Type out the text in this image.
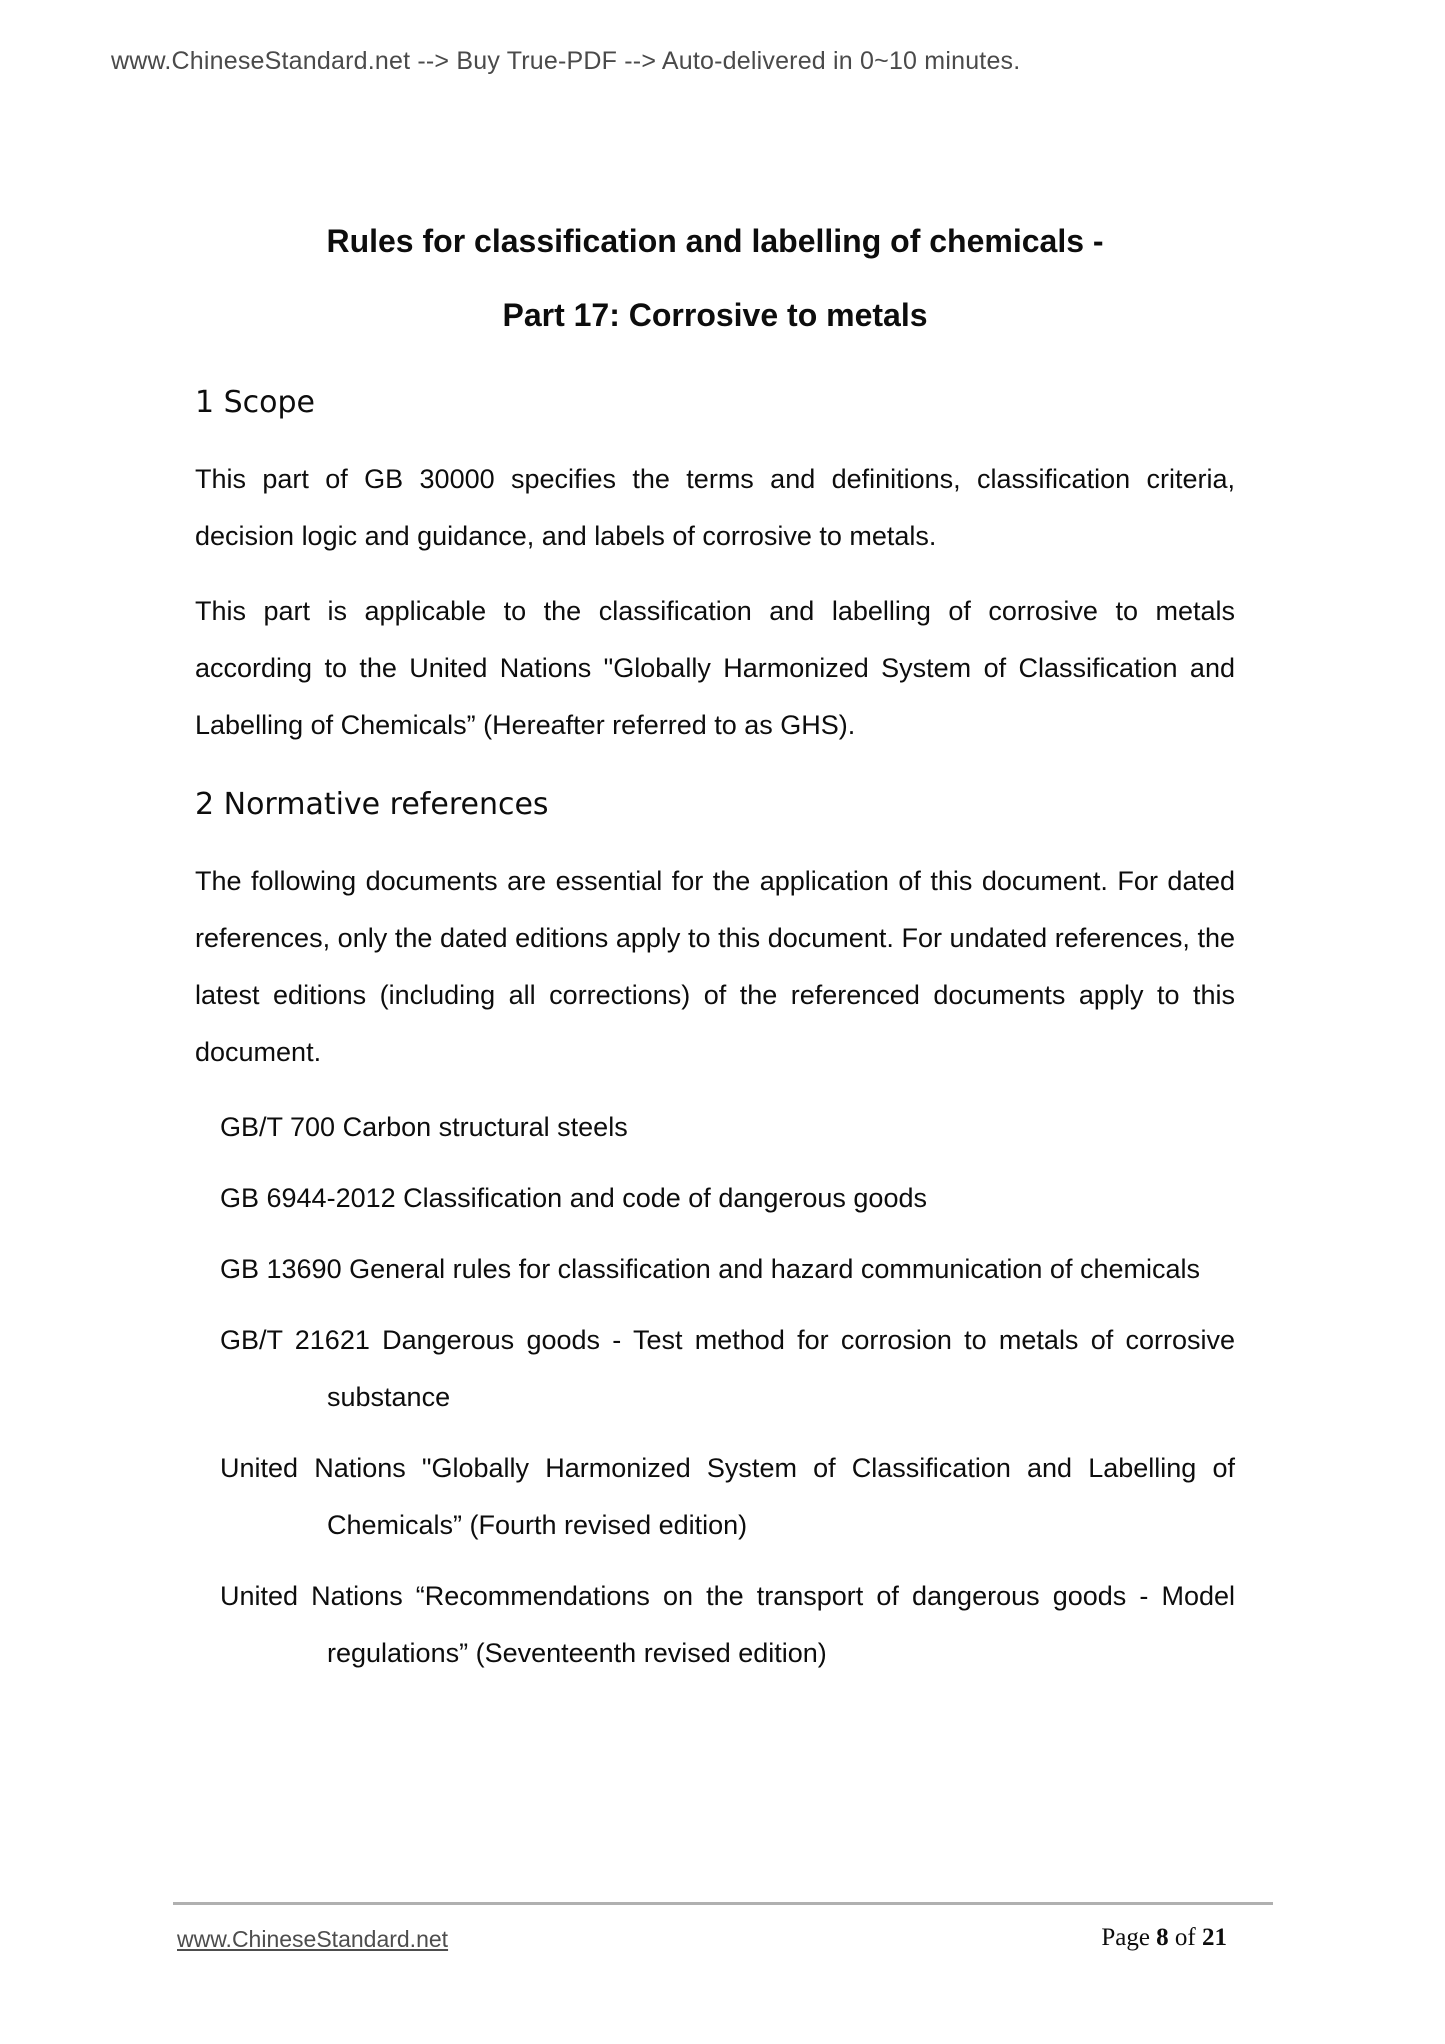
www.ChineseStandard.net --> Buy True-PDF --> Auto-delivered in 0~10 minutes.
Rules for classification and labelling of chemicals -
Part 17: Corrosive to metals
1 Scope

This part of GB 30000 specifies the terms and definitions, classification criteria, decision logic and guidance, and labels of corrosive to metals.

This part is applicable to the classification and labelling of corrosive to metals according to the United Nations "Globally Harmonized System of Classification and Labelling of Chemicals” (Hereafter referred to as GHS).

2 Normative references

The following documents are essential for the application of this document. For dated references, only the dated editions apply to this document. For undated references, the latest editions (including all corrections) of the referenced documents apply to this document.

GB/T 700 Carbon structural steels

GB 6944-2012 Classification and code of dangerous goods

GB 13690 General rules for classification and hazard communication of chemicals

GB/T 21621 Dangerous goods - Test method for corrosion to metals of corrosive substance

United Nations "Globally Harmonized System of Classification and Labelling of Chemicals” (Fourth revised edition)

United Nations “Recommendations on the transport of dangerous goods - Model regulations” (Seventeenth revised edition)

www.ChineseStandard.net	Page 8 of 21
